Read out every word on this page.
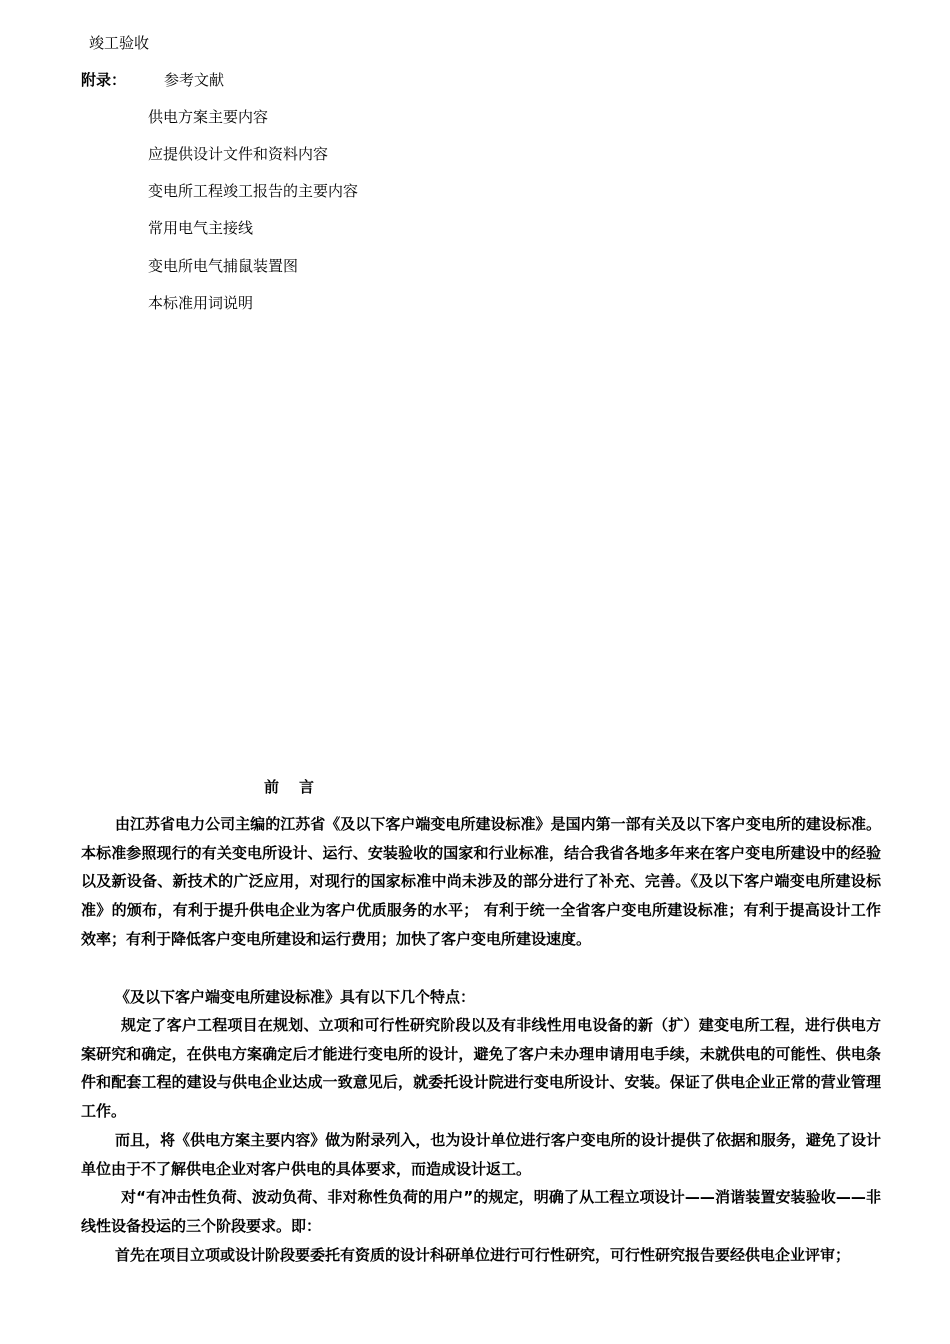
竣工验收
附录：	参考文献
供电方案主要内容
应提供设计文件和资料内容
变电所工程竣工报告的主要内容
常用电气主接线
变电所电气捕鼠装置图
本标准用词说明
前 言

由江苏省电力公司主编的江苏省《及以下客户端变电所建设标准》是国内第一部有关及以下客户变电所的建设标准。本标准参照现行的有关变电所设计、运行、安装验收的国家和行业标准，结合我省各地多年来在客户变电所建设中的经验以及新设备、新技术的广泛应用，对现行的国家标准中尚未涉及的部分进行了补充、完善。《及以下客户端变电所建设标准》的颁布，有利于提升供电企业为客户优质服务的水平； 有利于统一全省客户变电所建设标准；有利于提高设计工作效率；有利于降低客户变电所建设和运行费用；加快了客户变电所建设速度。

《及以下客户端变电所建设标准》具有以下几个特点：

规定了客户工程项目在规划、立项和可行性研究阶段以及有非线性用电设备的新（扩）建变电所工程，进行供电方案研究和确定，在供电方案确定后才能进行变电所的设计，避免了客户未办理申请用电手续，未就供电的可能性、供电条件和配套工程的建设与供电企业达成一致意见后，就委托设计院进行变电所设计、安装。保证了供电企业正常的营业管理工作。

而且，将《供电方案主要内容》做为附录列入，也为设计单位进行客户变电所的设计提供了依据和服务，避免了设计单位由于不了解供电企业对客户供电的具体要求，而造成设计返工。

对“有冲击性负荷、波动负荷、非对称性负荷的用户”的规定，明确了从工程立项设计——消谐装置安装验收——非线性设备投运的三个阶段要求。即：

首先在项目立项或设计阶段要委托有资质的设计科研单位进行可行性研究，可行性研究报告要经供电企业评审；
